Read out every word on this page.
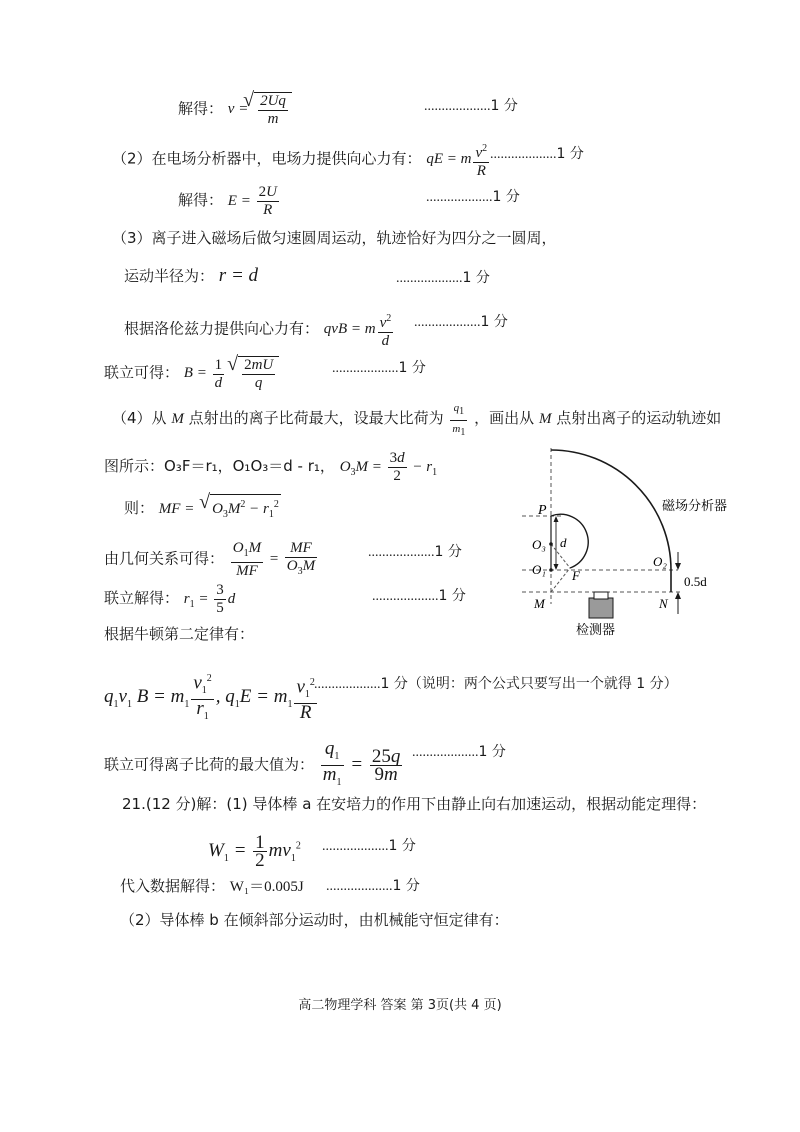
解得： v = √ $\frac{2Uq}{m}$	...................1 分
（2）在电场分析器中，电场力提供向心力有： qE = m $\frac{v^2}{R} ...................1$ 分
解得： $E = \frac{2U}{R}$	...................1 分
（3）离子进入磁场后做匀速圆周运动，轨迹恰好为四分之一圆周，
运动半径为： r = d	...................1 分
根据洛伦兹力提供向心力有： qvB = m $\frac{v^2}{d} ...................1$ 分
联立可得： $B = \frac{1}{d}$ √ $\frac{2mU}{q}$	...................1 分
（4）从 M 点射出的离子比荷最大，设最大比荷为 $\frac{q_1}{m_1}$ ，画出从 M 点射出离子的运动轨迹如
图所示：O₃F＝r₁，O₁O₃＝d - r₁， $O_3M = \frac{3d}{2} - r_1$
则： MF = √ $O_3M^2 - r_1^2$
由几何关系可得： $\frac{O_1M}{MF} = \frac{MF}{O_3M}$	...................1 分
联立解得： $r_1 = \frac{3}{5}$ d	...................1 分
根据牛顿第二定律有：
$q_1v_1$ $B = m_1 \frac{v_1^2}{r_1}$ , $q_1E = m_1 \frac{v_1^2}{R}$
...................1 分（说明：两个公式只要写出一个就得 1 分）
联立可得离子比荷的最大值为： $\frac{q_1}{m_1} = \frac{25q}{9m} ...................1$ 分
21.(12 分)解：(1) 导体棒 a 在安培力的作用下由静止向右加速运动，根据动能定理得：
$W_1 = \frac{1}{2} mv_1^2$ ...................1 分
代入数据解得： W₁＝0.005J ...................1 分
（2）导体棒 b 在倾斜部分运动时，由机械能守恒定律有：
P
O₃ d
O₁ F
M
O₂
N
0.5d
磁场分析器
检测器
高二物理学科 答案 第 3页(共 4 页)
